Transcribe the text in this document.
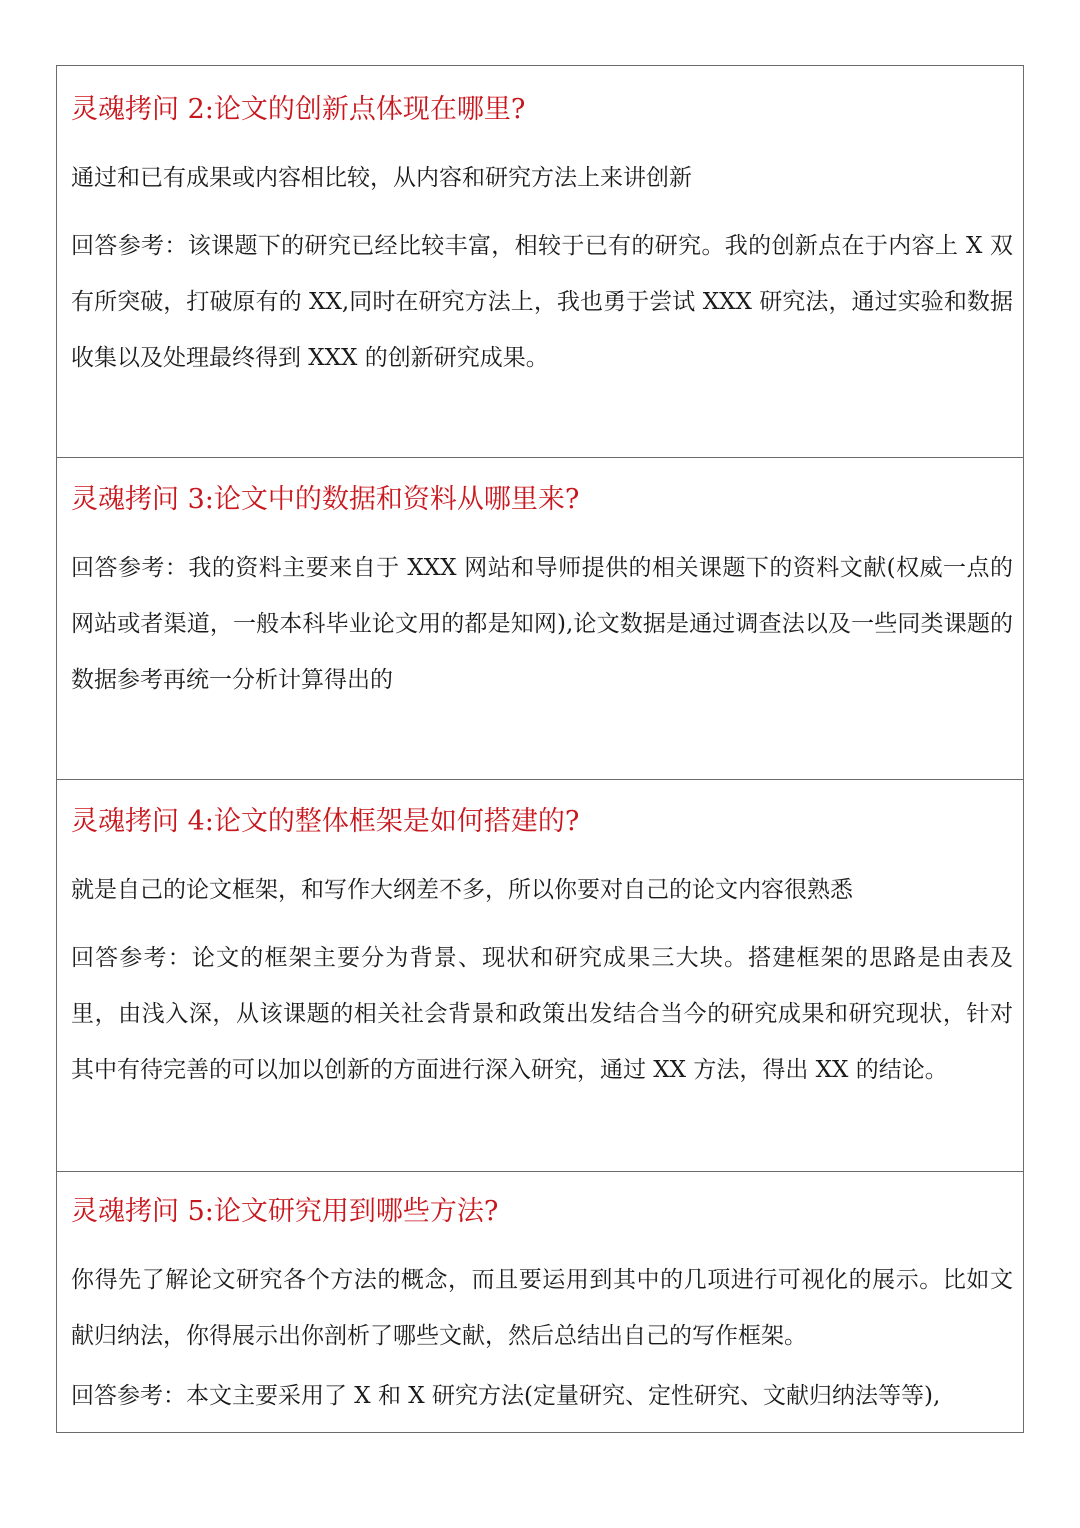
灵魂拷问 2:论文的创新点体现在哪里?
通过和已有成果或内容相比较，从内容和研究方法上来讲创新
回答参考：该课题下的研究已经比较丰富，相较于已有的研究。我的创新点在于内容上 X 双有所突破，打破原有的 XX,同时在研究方法上，我也勇于尝试 XXX 研究法，通过实验和数据收集以及处理最终得到 XXX 的创新研究成果。
灵魂拷问 3:论文中的数据和资料从哪里来?
回答参考：我的资料主要来自于 XXX 网站和导师提供的相关课题下的资料文献(权威一点的网站或者渠道，一般本科毕业论文用的都是知网),论文数据是通过调查法以及一些同类课题的数据参考再统一分析计算得出的
灵魂拷问 4:论文的整体框架是如何搭建的?
就是自己的论文框架，和写作大纲差不多，所以你要对自己的论文内容很熟悉
回答参考：论文的框架主要分为背景、现状和研究成果三大块。搭建框架的思路是由表及里，由浅入深，从该课题的相关社会背景和政策出发结合当今的研究成果和研究现状，针对其中有待完善的可以加以创新的方面进行深入研究，通过 XX 方法，得出 XX 的结论。
灵魂拷问 5:论文研究用到哪些方法?
你得先了解论文研究各个方法的概念，而且要运用到其中的几项进行可视化的展示。比如文献归纳法，你得展示出你剖析了哪些文献，然后总结出自己的写作框架。
回答参考：本文主要采用了 X 和 X 研究方法(定量研究、定性研究、文献归纳法等等),
